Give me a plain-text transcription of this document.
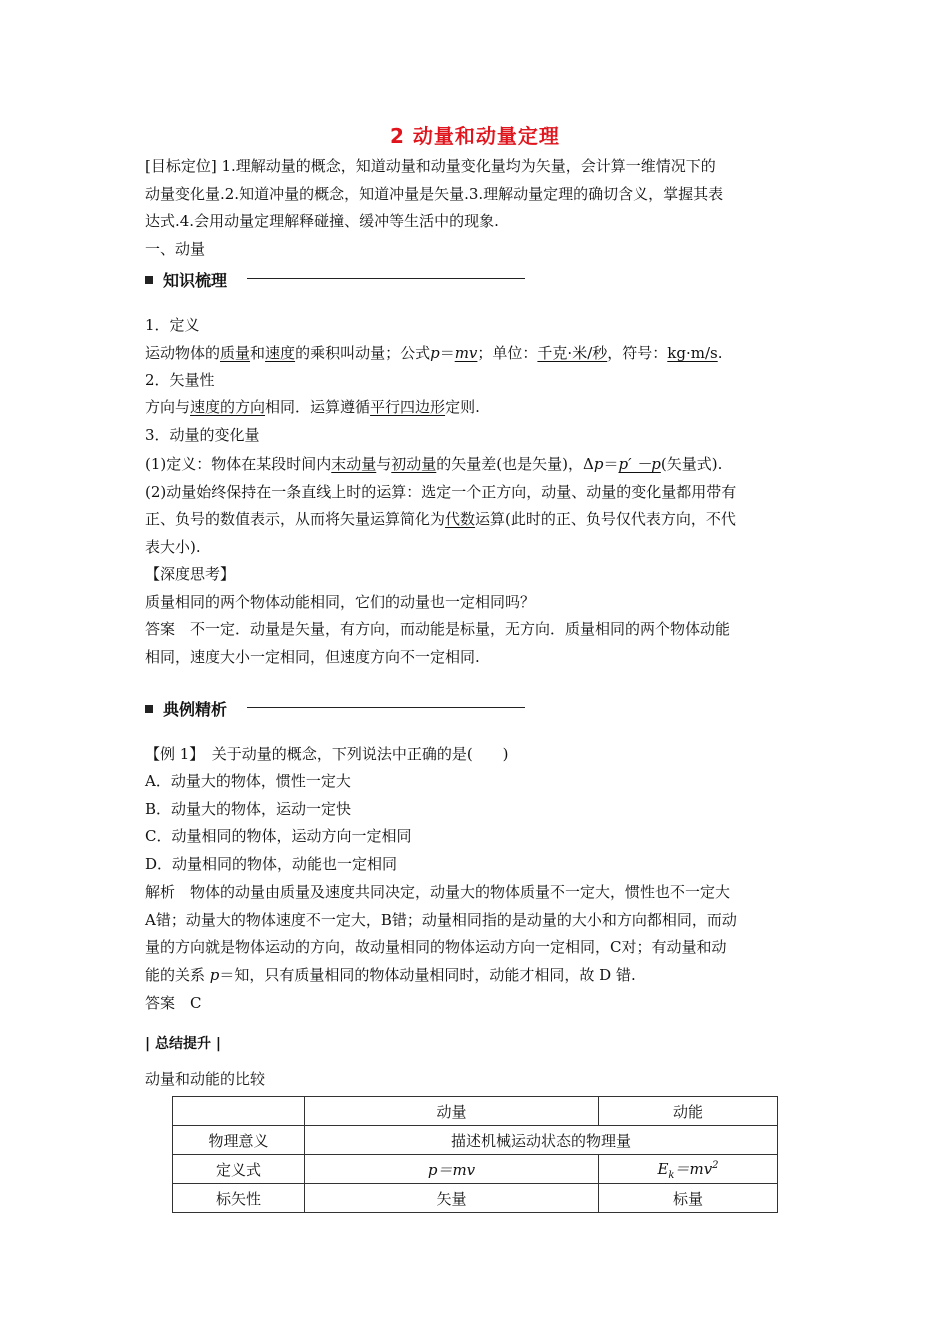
2 动量和动量定理
[目标定位] 1.理解动量的概念，知道动量和动量变化量均为矢量，会计算一维情况下的
动量变化量.2.知道冲量的概念，知道冲量是矢量.3.理解动量定理的确切含义，掌握其表
达式.4.会用动量定理解释碰撞、缓冲等生活中的现象.
一、动量
知识梳理
1．定义
运动物体的质量和速度的乘积叫动量；公式p＝mv；单位：千克·米/秒，符号：kg·m/s.
2．矢量性
方向与速度的方向相同．运算遵循平行四边形定则.
3．动量的变化量
(1)定义：物体在某段时间内末动量与初动量的矢量差(也是矢量)，Δp＝p′ －p(矢量式).
(2)动量始终保持在一条直线上时的运算：选定一个正方向，动量、动量的变化量都用带有
正、负号的数值表示，从而将矢量运算简化为代数运算(此时的正、负号仅代表方向，不代
表大小).
【深度思考】
质量相同的两个物体动能相同，它们的动量也一定相同吗？
答案　不一定．动量是矢量，有方向，而动能是标量，无方向．质量相同的两个物体动能
相同，速度大小一定相同，但速度方向不一定相同.
典例精析
【例 1】　关于动量的概念，下列说法中正确的是(　　)
A．动量大的物体，惯性一定大
B．动量大的物体，运动一定快
C．动量相同的物体，运动方向一定相同
D．动量相同的物体，动能也一定相同
解析　物体的动量由质量及速度共同决定，动量大的物体质量不一定大，惯性也不一定大
A错；动量大的物体速度不一定大，B错；动量相同指的是动量的大小和方向都相同，而动
量的方向就是物体运动的方向，故动量相同的物体运动方向一定相同，C对；有动量和动
能的关系 p＝知，只有质量相同的物体动量相同时，动能才相同，故 D 错.
答案　C
| 总结提升 |
动量和动能的比较
	动量	动能
物理意义	描述机械运动状态的物理量	
定义式	p＝mv	$E_k=mv^2$
标矢性	矢量	标量
